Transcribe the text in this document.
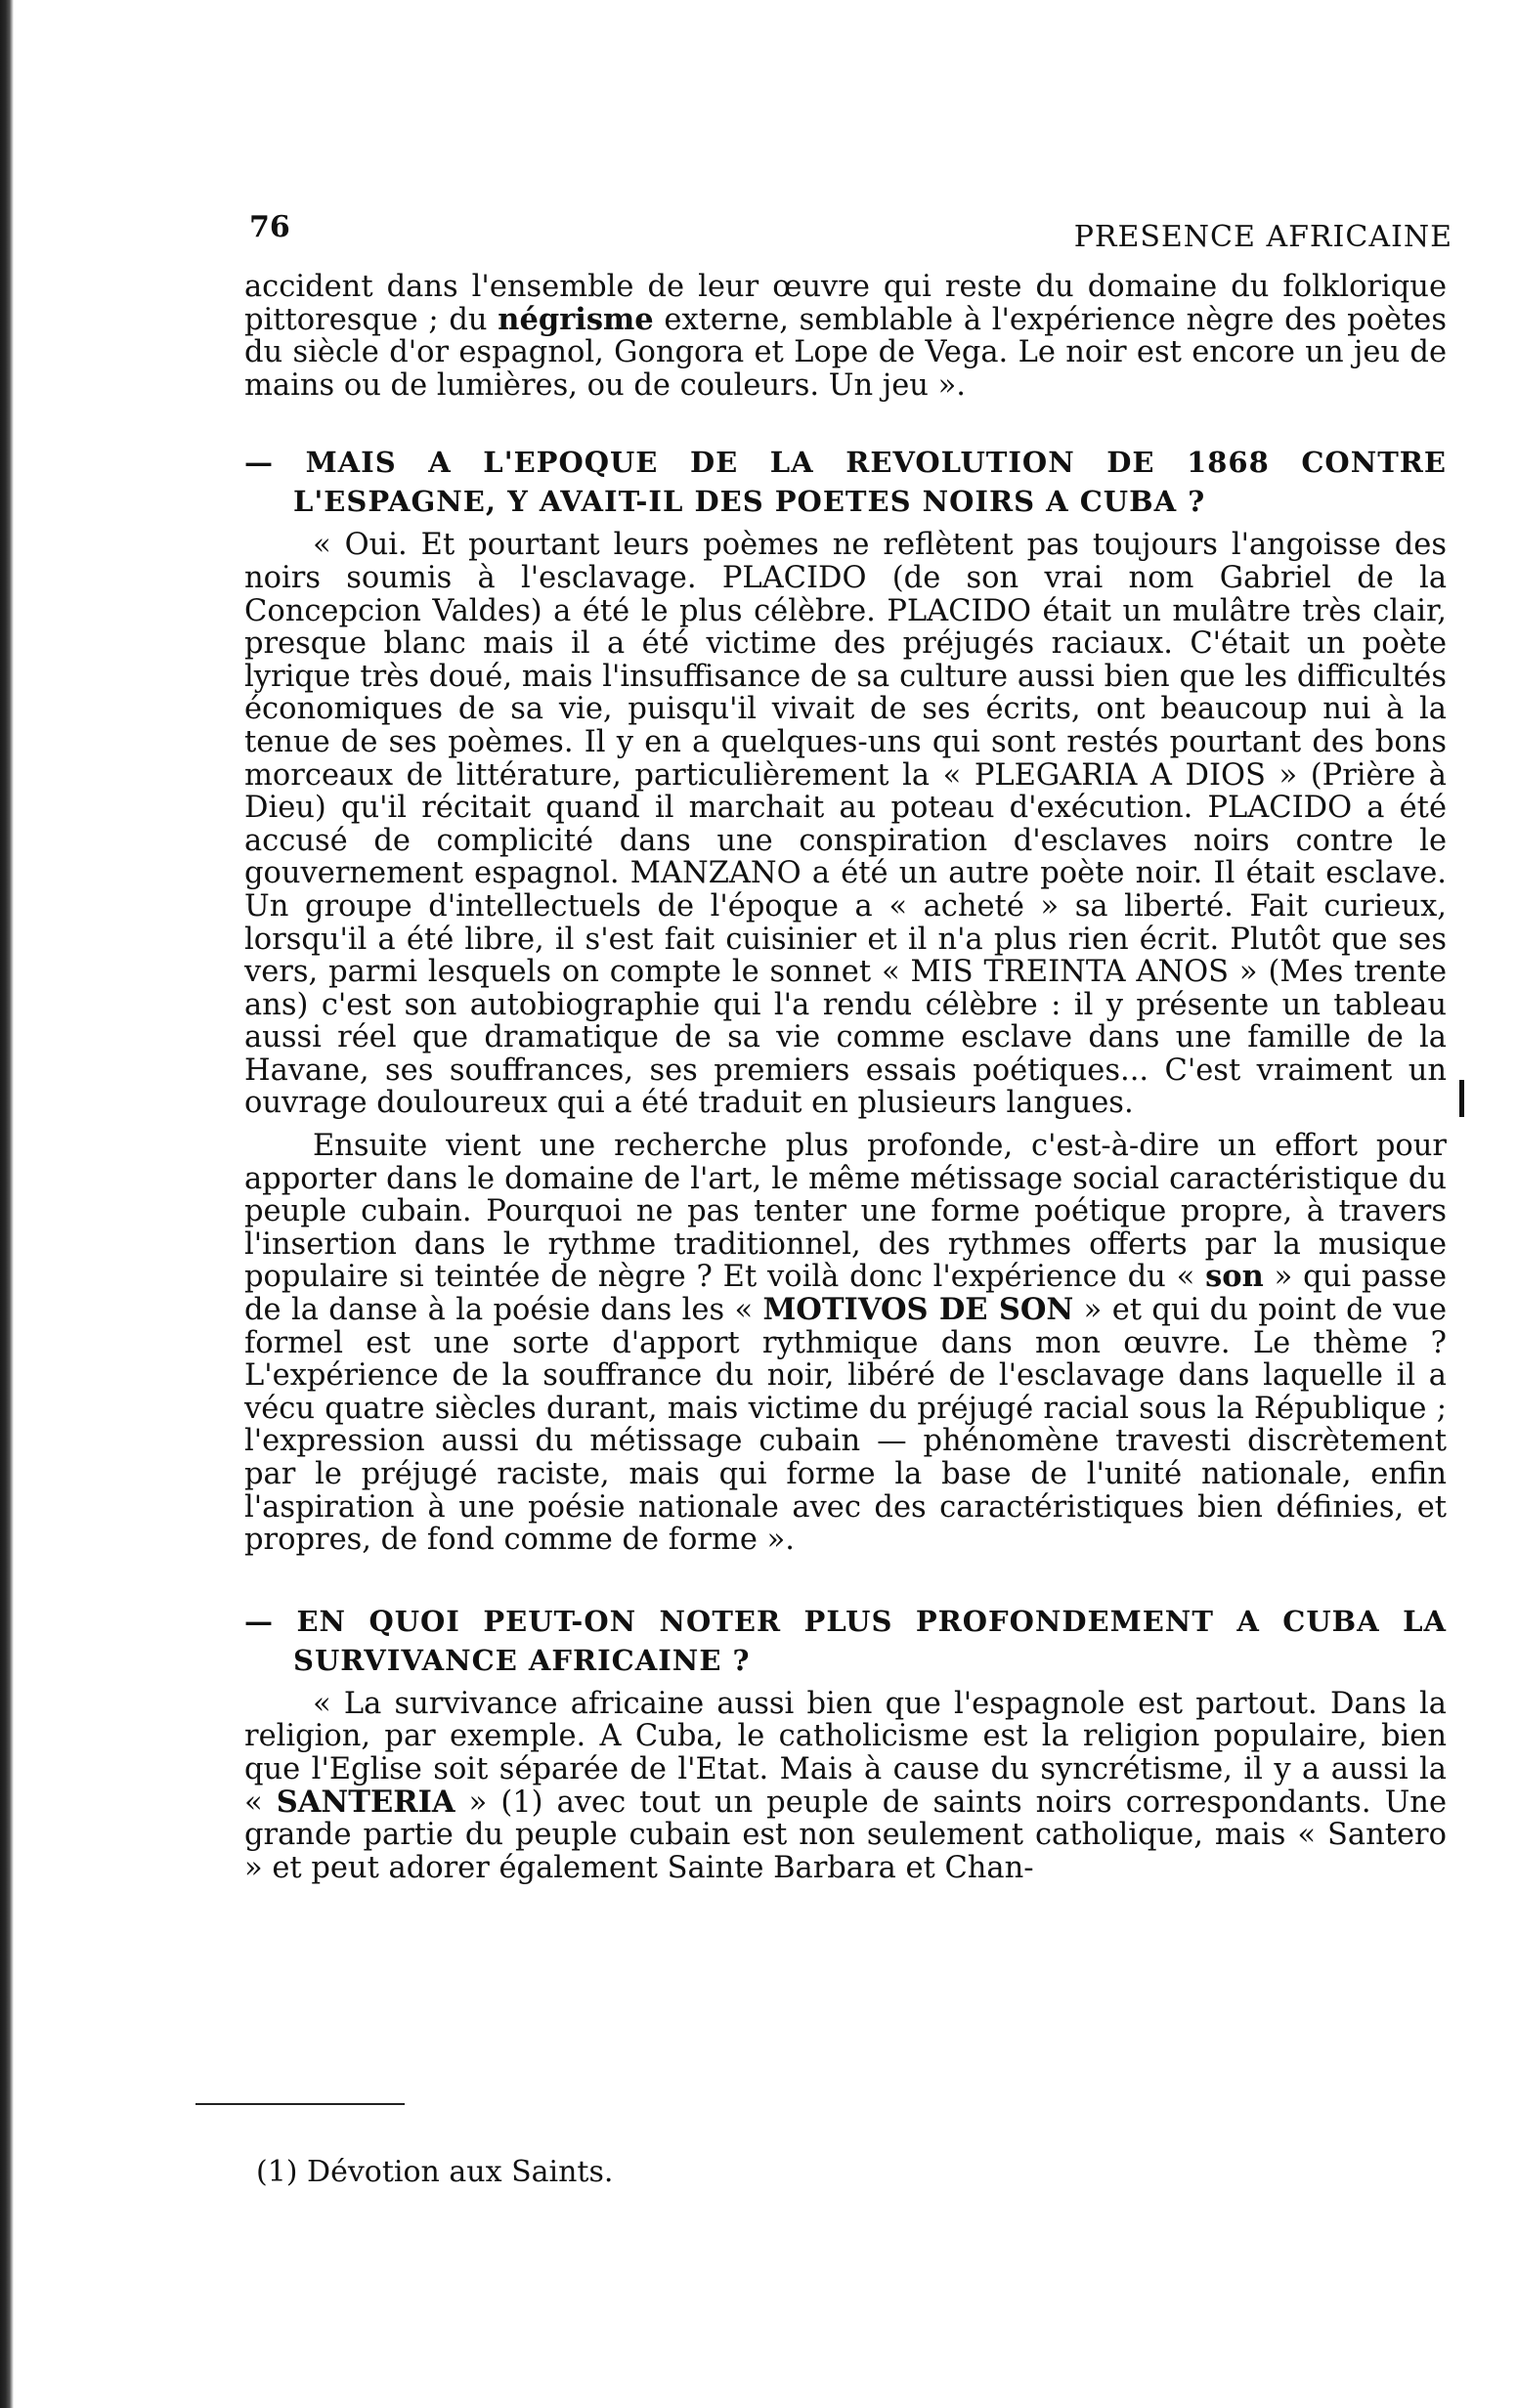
76	PRESENCE AFRICAINE

accident dans l'ensemble de leur œuvre qui reste du domaine du folklorique pittoresque ; du négrisme externe, semblable à l'expérience nègre des poètes du siècle d'or espagnol, Gongora et Lope de Vega. Le noir est encore un jeu de mains ou de lumières, ou de couleurs. Un jeu ».

— MAIS A L'EPOQUE DE LA REVOLUTION DE 1868 CONTRE L'ESPAGNE, Y AVAIT-IL DES POETES NOIRS A CUBA ?

« Oui. Et pourtant leurs poèmes ne reflètent pas toujours l'angoisse des noirs soumis à l'esclavage. PLACIDO (de son vrai nom Gabriel de la Concepcion Valdes) a été le plus célèbre. PLACIDO était un mulâtre très clair, presque blanc mais il a été victime des préjugés raciaux. C'était un poète lyrique très doué, mais l'insuffisance de sa culture aussi bien que les difficultés économiques de sa vie, puisqu'il vivait de ses écrits, ont beaucoup nui à la tenue de ses poèmes. Il y en a quelques-uns qui sont restés pourtant des bons morceaux de littérature, particulièrement la « PLEGARIA A DIOS » (Prière à Dieu) qu'il récitait quand il marchait au poteau d'exécution. PLACIDO a été accusé de complicité dans une conspiration d'esclaves noirs contre le gouvernement espagnol. MANZANO a été un autre poète noir. Il était esclave. Un groupe d'intellectuels de l'époque a « acheté » sa liberté. Fait curieux, lorsqu'il a été libre, il s'est fait cuisinier et il n'a plus rien écrit. Plutôt que ses vers, parmi lesquels on compte le sonnet « MIS TREINTA ANOS » (Mes trente ans) c'est son autobiographie qui l'a rendu célèbre : il y présente un tableau aussi réel que dramatique de sa vie comme esclave dans une famille de la Havane, ses souffrances, ses premiers essais poétiques... C'est vraiment un ouvrage douloureux qui a été traduit en plusieurs langues.

Ensuite vient une recherche plus profonde, c'est-à-dire un effort pour apporter dans le domaine de l'art, le même métissage social caractéristique du peuple cubain. Pourquoi ne pas tenter une forme poétique propre, à travers l'insertion dans le rythme traditionnel, des rythmes offerts par la musique populaire si teintée de nègre ? Et voilà donc l'expérience du « son » qui passe de la danse à la poésie dans les « MOTIVOS DE SON » et qui du point de vue formel est une sorte d'apport rythmique dans mon œuvre. Le thème ? L'expérience de la souffrance du noir, libéré de l'esclavage dans laquelle il a vécu quatre siècles durant, mais victime du préjugé racial sous la République ; l'expression aussi du métissage cubain — phénomène travesti discrètement par le préjugé raciste, mais qui forme la base de l'unité nationale, enfin l'aspiration à une poésie nationale avec des caractéristiques bien définies, et propres, de fond comme de forme ».

— EN QUOI PEUT-ON NOTER PLUS PROFONDEMENT A CUBA LA SURVIVANCE AFRICAINE ?

« La survivance africaine aussi bien que l'espagnole est partout. Dans la religion, par exemple. A Cuba, le catholicisme est la religion populaire, bien que l'Eglise soit séparée de l'Etat. Mais à cause du syncrétisme, il y a aussi la « SANTERIA » (1) avec tout un peuple de saints noirs correspondants. Une grande partie du peuple cubain est non seulement catholique, mais « Santero » et peut adorer également Sainte Barbara et Chan-

(1) Dévotion aux Saints.
